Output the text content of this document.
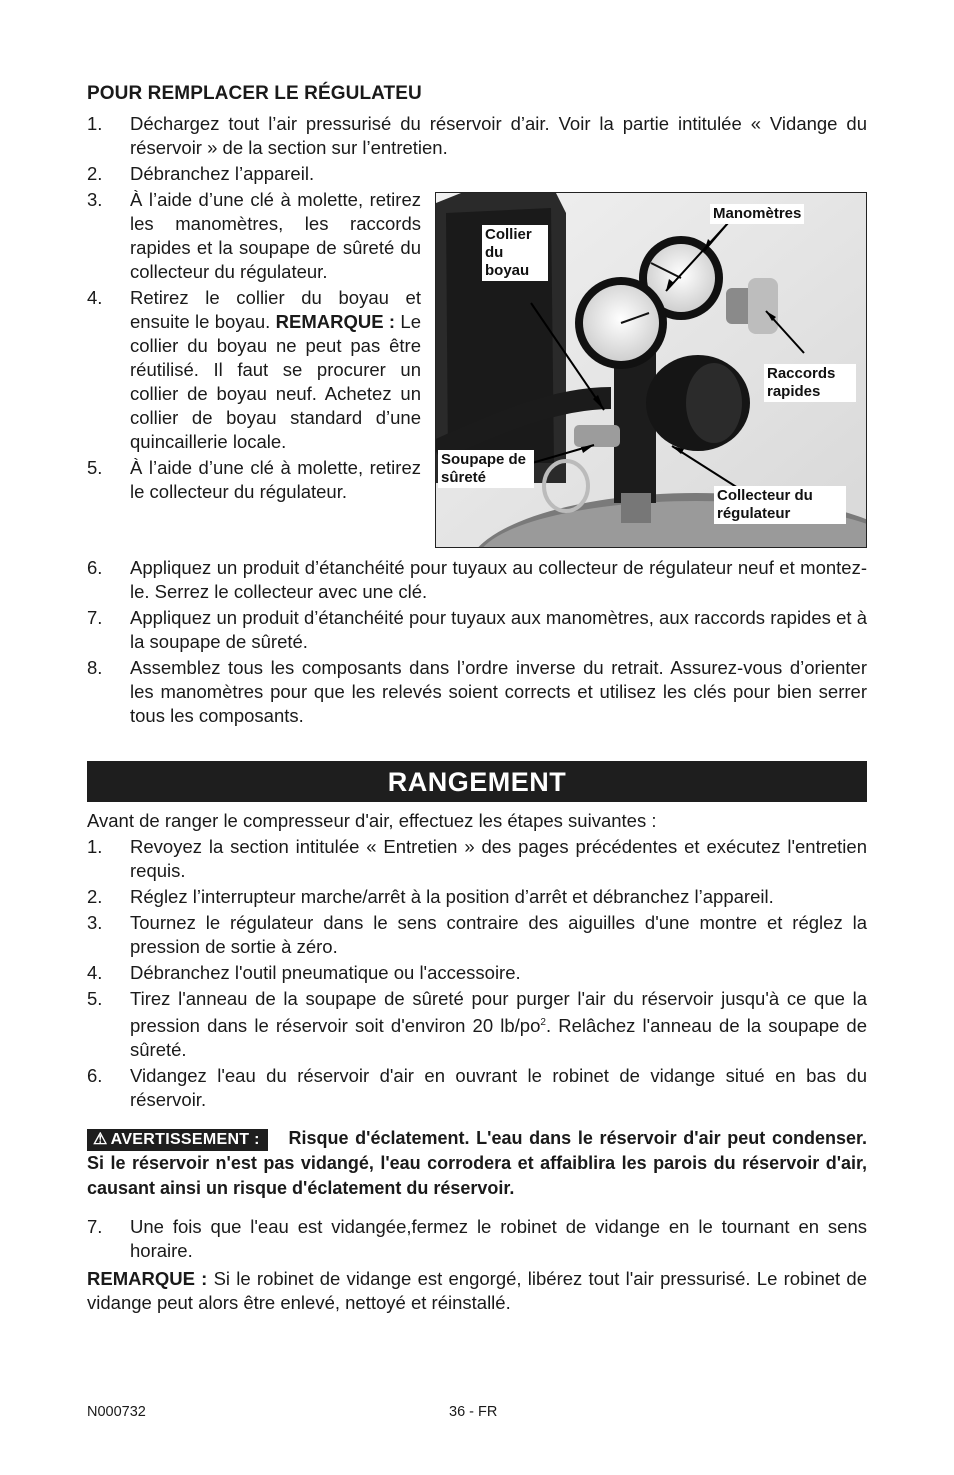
POUR REMPLACER LE RÉGULATEU
1. Déchargez tout l’air pressurisé du réservoir d’air. Voir la partie intitulée « Vidange du réservoir » de la section sur l’entretien.
2. Débranchez l’appareil.
Collier du boyau
Manomètres
Raccords rapides
Soupape de sûreté
Collecteur du régulateur
3. À l’aide d’une clé à molette, retirez les manomètres, les raccords rapides et la soupape de sûreté du collecteur du régulateur.
4. Retirez le collier du boyau et ensuite le boyau. REMARQUE : Le collier du boyau ne peut pas être réutilisé. Il faut se procurer un collier de boyau neuf. Achetez un collier de boyau standard d’une quincaillerie locale.
5. À l’aide d’une clé à molette, retirez le collecteur du régulateur.
6. Appliquez un produit d’étanchéité pour tuyaux au collecteur de régulateur neuf et montez-le. Serrez le collecteur avec une clé.
7. Appliquez un produit d’étanchéité pour tuyaux aux manomètres, aux raccords rapides et à la soupape de sûreté.
8. Assemblez tous les composants dans l’ordre inverse du retrait. Assurez-vous d’orienter les manomètres pour que les relevés soient corrects et utilisez les clés pour bien serrer tous les composants.
RANGEMENT
Avant de ranger le compresseur d'air, effectuez les étapes suivantes :
1. Revoyez la section intitulée « Entretien » des pages précédentes et exécutez l'entretien requis.
2. Réglez l’interrupteur marche/arrêt à la position d’arrêt et débranchez l’appareil.
3. Tournez le régulateur dans le sens contraire des aiguilles d'une montre et réglez la pression de sortie à zéro.
4. Débranchez l'outil pneumatique ou l'accessoire.
5. Tirez l'anneau de la soupape de sûreté pour purger l'air du réservoir jusqu'à ce que la pression dans le réservoir soit d'environ 20 $lb/po^2$. Relâchez l'anneau de la soupape de sûreté.
6. Vidangez l'eau du réservoir d'air en ouvrant le robinet de vidange situé en bas du réservoir.
⚠ AVERTISSEMENT : Risque d'éclatement. L'eau dans le réservoir d'air peut condenser. Si le réservoir n'est pas vidangé, l'eau corrodera et affaiblira les parois du réservoir d'air, causant ainsi un risque d'éclatement du réservoir.
7. Une fois que l'eau est vidangée,fermez le robinet de vidange en le tournant en sens horaire.
REMARQUE : Si le robinet de vidange est engorgé, libérez tout l'air pressurisé. Le robinet de vidange peut alors être enlevé, nettoyé et réinstallé.
N000732	36 - FR
